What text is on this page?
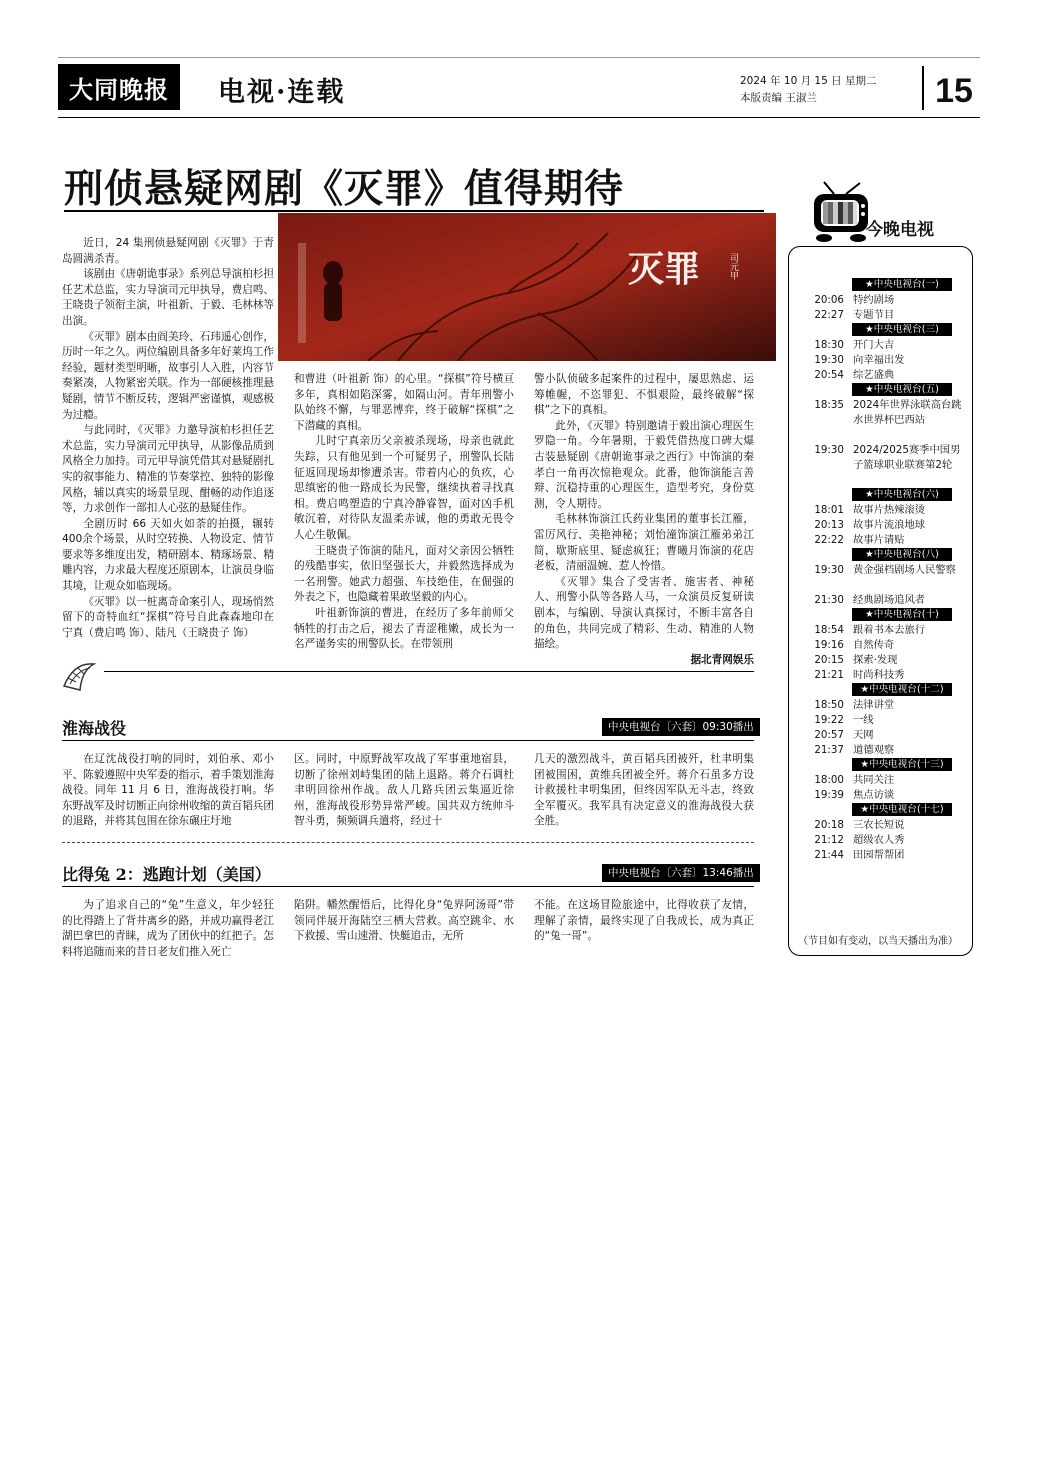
大同晚报	电视·连载	2024 年 10 月 15 日 星期二
本版责编 王淑兰	15
刑侦悬疑网剧《灭罪》值得期待
灭罪	司元甲

近日，24 集刑侦悬疑网剧《灭罪》于青岛圆满杀青。

该剧由《唐朝诡事录》系列总导演柏杉担任艺术总监，实力导演司元甲执导，费启鸣、王晓贵子领衔主演，叶祖新、于毅、毛林林等出演。

《灭罪》剧本由阎美玲、石玮遥心创作，历时一年之久。两位编剧具备多年好莱坞工作经验，题材类型明晰，故事引人入胜，内容节奏紧凑，人物紧密关联。作为一部硬核推理悬疑剧，情节不断反转，逻辑严密谨慎，观感极为过瘾。

与此同时，《灭罪》力邀导演柏杉担任艺术总监，实力导演司元甲执导，从影像品质到风格全力加持。司元甲导演凭借其对悬疑剧扎实的叙事能力、精准的节奏掌控、独特的影像风格，辅以真实的场景呈现、酣畅的动作追逐等，力求创作一部扣人心弦的悬疑佳作。

全剧历时 66 天如火如荼的拍摄，辗转 400余个场景，从时空转换、人物设定、情节要求等多维度出发，精研剧本、精琢场景、精雕内容，力求最大程度还原剧本，让演员身临其境，让观众如临现场。

《灭罪》以一桩离奇命案引人，现场悄然留下的奇特血红“探棋”符号自此森森地印在宁真（费启鸣 饰）、陆凡（王晓贵子 饰）

和曹进（叶祖新 饰）的心里。“探棋”符号横亘多年，真相如陷深雾，如隔山河。青年刑警小队始终不懈，与罪恶博弈，终于破解“探棋”之下潜藏的真相。

儿时宁真亲历父亲被杀现场，母亲也就此失踪，只有他见到一个可疑男子，刑警队长陆征返回现场却惨遭杀害。带着内心的负疚，心思缜密的他一路成长为民警，继续执着寻找真相。费启鸣塑造的宁真冷静睿智，面对凶手机敏沉着，对待队友温柔赤诚，他的勇敢无畏令人心生敬佩。

王晓贵子饰演的陆凡，面对父亲因公牺牲的残酷事实，依旧坚强长大，并毅然选择成为一名刑警。她武力超强、车技绝佳，在倔强的外表之下，也隐藏着果敢坚毅的内心。

叶祖新饰演的曹进，在经历了多年前师父牺牲的打击之后，褪去了青涩稚嫩，成长为一名严谨务实的刑警队长。在带领刑

警小队侦破多起案件的过程中，屡思熟虑、运筹帷幄，不恣罪犯、不惧艰险，最终破解“探棋”之下的真相。

此外，《灭罪》特别邀请于毅出演心理医生罗隐一角。今年暑期，于毅凭借热度口碑大爆古装悬疑剧《唐朝诡事录之西行》中饰演的秦孝白一角再次惊艳观众。此番，他饰演能言善辩、沉稳持重的心理医生，造型考究，身份莫测，令人期待。

毛林林饰演江氏药业集团的董事长江雁，雷厉风行、美艳神秘；刘怡潼饰演江雁弟弟江简，歇斯底里、疑虑疯狂；曹曦月饰演的花店老板，清丽温婉、惹人怜惜。

《灭罪》集合了受害者、施害者、神秘人、刑警小队等各路人马，一众演员反复研读剧本，与编剧、导演认真探讨，不断丰富各自的角色，共同完成了精彩、生动、精准的人物描绘。

据北青网娱乐
淮海战役	中央电视台〔六套〕09:30播出

在辽沈战役打响的同时，刘伯承、邓小平、陈毅遵照中央军委的指示，着手策划淮海战役。同年 11 月 6 日，淮海战役打响。华东野战军及时切断正向徐州收缩的黄百韬兵团的退路，并将其包围在徐东碾庄圩地

区。同时，中原野战军攻战了军事重地宿县，切断了徐州刘峙集团的陆上退路。蒋介石调杜聿明回徐州作战。敌人几路兵团云集逼近徐州，淮海战役形势异常严峻。国共双方统帅斗智斗勇，频频调兵遣将，经过十

几天的激烈战斗，黄百韬兵团被歼，杜聿明集团被围困，黄维兵团被全歼。蒋介石虽多方设计救援杜聿明集团，但终因军队无斗志，终致全军覆灭。我军具有决定意义的淮海战役大获全胜。

比得兔 2：逃跑计划（美国）	中央电视台〔六套〕13:46播出

为了追求自己的“兔”生意义，年少轻狂的比得踏上了背井离乡的路，并成功赢得老江湖巴拿巴的青睐，成为了团伙中的红把子。怎料将追随而来的昔日老友们推入死亡

陷阱。幡然醒悟后，比得化身“兔界阿汤哥”带领同伴展开海陆空三栖大营救。高空跳伞、水下救援、雪山速滑、快艇追击，无所

不能。在这场冒险旅途中，比得收获了友情，理解了亲情，最终实现了自我成长，成为真正的“兔一哥”。

今晚电视
★中央电视台(一)
20:06 特约剧场
22:27 专题节目
★中央电视台(三)
18:30 开门大吉
19:30 向幸福出发
20:54 综艺盛典
★中央电视台(五)
18:35 2024年世界泳联高台跳水世界杯巴西站
19:30 2024/2025赛季中国男子篮球职业联赛第2轮
★中央电视台(六)
18:01 故事片热辣滚烫
20:13 故事片流浪地球
22:22 故事片请贴
★中央电视台(八)
19:30 黄金强档剧场人民警察
21:30 经典剧场追风者
★中央电视台(十)
18:54 跟着书本去旅行
19:16 自然传奇
20:15 探索·发现
21:21 时尚科技秀
★中央电视台(十二)
18:50 法律讲堂
19:22 一线
20:57 天网
21:37 道德观察
★中央电视台(十三)
18:00 共同关注
19:39 焦点访谈
★中央电视台(十七)
20:18 三农长短说
21:12 超级农人秀
21:44 田园帮帮团
（节目如有变动，以当天播出为准）
